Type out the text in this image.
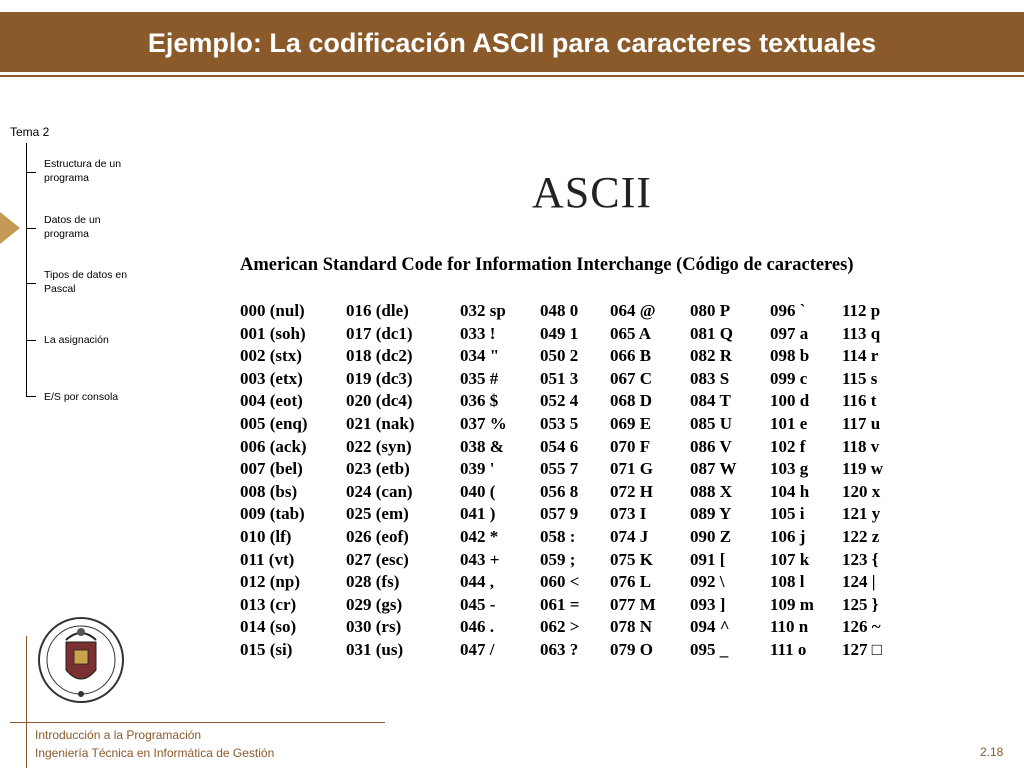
Ejemplo: La codificación ASCII para caracteres textuales
Tema 2
Estructura de un programa
Datos de un programa
Tipos de datos en Pascal
La asignación
E/S por consola
ASCII
American Standard Code for Information Interchange (Código de caracteres)
000 (nul)
001 (soh)
002 (stx)
003 (etx)
004 (eot)
005 (enq)
006 (ack)
007 (bel)
008 (bs)
009 (tab)
010 (lf)
011 (vt)
012 (np)
013 (cr)
014 (so)
015 (si)
016 (dle)
017 (dc1)
018 (dc2)
019 (dc3)
020 (dc4)
021 (nak)
022 (syn)
023 (etb)
024 (can)
025 (em)
026 (eof)
027 (esc)
028 (fs)
029 (gs)
030 (rs)
031 (us)
032 sp
033 !
034 "
035 #
036 $
037 %
038 &
039 '
040 (
041 )
042 *
043 +
044 ,
045 -
046 .
047 /
048 0
049 1
050 2
051 3
052 4
053 5
054 6
055 7
056 8
057 9
058 :
059 ;
060 <
061 =
062 >
063 ?
064 @
065 A
066 B
067 C
068 D
069 E
070 F
071 G
072 H
073 I
074 J
075 K
076 L
077 M
078 N
079 O
080 P
081 Q
082 R
083 S
084 T
085 U
086 V
087 W
088 X
089 Y
090 Z
091 [
092 \
093 ]
094 ^
095 _
096 `
097 a
098 b
099 c
100 d
101 e
102 f
103 g
104 h
105 i
106 j
107 k
108 l
109 m
110 n
111 o
112 p
113 q
114 r
115 s
116 t
117 u
118 v
119 w
120 x
121 y
122 z
123 {
124 |
125 }
126 ~
127 □
Introducción a la Programación
Ingeniería Técnica en Informática de Gestión	2.18
